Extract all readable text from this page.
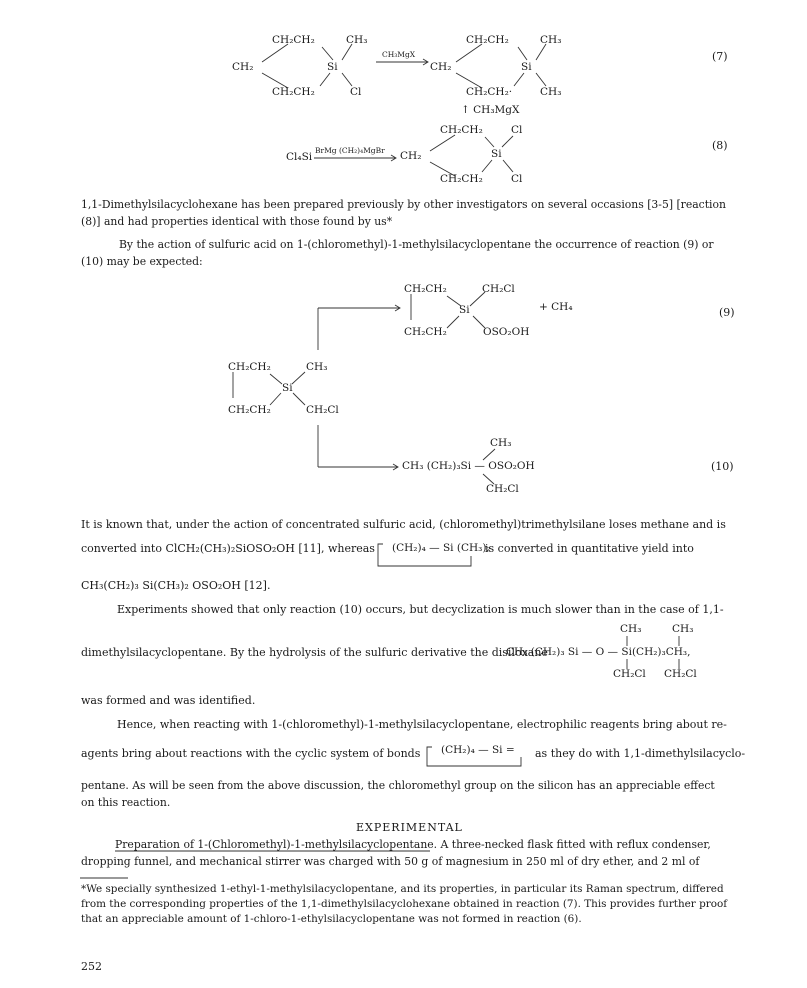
CH₂CH₂	CH₃
CH₂	Si
CH₂CH₂	Cl
CH₃MgX
CH₂CH₂	CH₃
CH₂	Si
CH₂CH₂·	CH₃
(7)
↑ CH₃MgX
Cl₄Si
BrMg (CH₂)₄MgBr
CH₂CH₂	Cl
CH₂	Si
CH₂CH₂	Cl
(8)
1,1-Dimethylsilacyclohexane has been prepared previously by other investigators on several occasions [3-5] [reaction (8)] and had properties identical with those found by us*
By the action of sulfuric acid on 1-(chloromethyl)-1-methylsilacyclopentane the occurrence of reaction (9) or (10) may be expected:
CH₂CH₂	CH₂Cl
Si	+ CH₄
CH₂CH₂	OSO₂OH
(9)
CH₂CH₂	CH₃
Si
CH₂CH₂	CH₂Cl
CH₃
CH₃ (CH₂)₃Si — OSO₂OH
CH₂Cl
(10)
It is known that, under the action of concentrated sulfuric acid, (chloromethyl)trimethylsilane loses methane and is
converted into ClCH₂(CH₃)₂SiOSO₂OH [11], whereas (CH₂)₄ — Si (CH₃)₂
is converted in quantitative yield into
CH₃(CH₂)₃ Si(CH₃)₂ OSO₂OH [12].
Experiments showed that only reaction (10) occurs, but decyclization is much slower than in the case of 1,1-
CH₃	CH₃
dimethylsilacyclopentane. By the hydrolysis of the sulfuric derivative the disiloxane
CH₃ (CH₂)₃ Si — O — Si(CH₂)₃CH₃,
CH₂Cl CH₂Cl
was formed and was identified.
Hence, when reacting with 1-(chloromethyl)-1-methylsilacyclopentane, electrophilic reagents bring about re-
agents bring about reactions with the cyclic system of bonds (CH₂)₄ — Si = as they do with 1,1-dimethylsilacyclo-
pentane. As will be seen from the above discussion, the chloromethyl group on the silicon has an appreciable effect on this reaction.
EXPERIMENTAL
Preparation of 1-(Chloromethyl)-1-methylsilacyclopentane. A three-necked flask fitted with reflux condenser, dropping funnel, and mechanical stirrer was charged with 50 g of magnesium in 250 ml of dry ether, and 2 ml of
*We specially synthesized 1-ethyl-1-methylsilacyclopentane, and its properties, in particular its Raman spectrum, differed from the corresponding properties of the 1,1-dimethylsilacyclohexane obtained in reaction (7). This provides further proof that an appreciable amount of 1-chloro-1-ethylsilacyclopentane was not formed in reaction (6).
252
